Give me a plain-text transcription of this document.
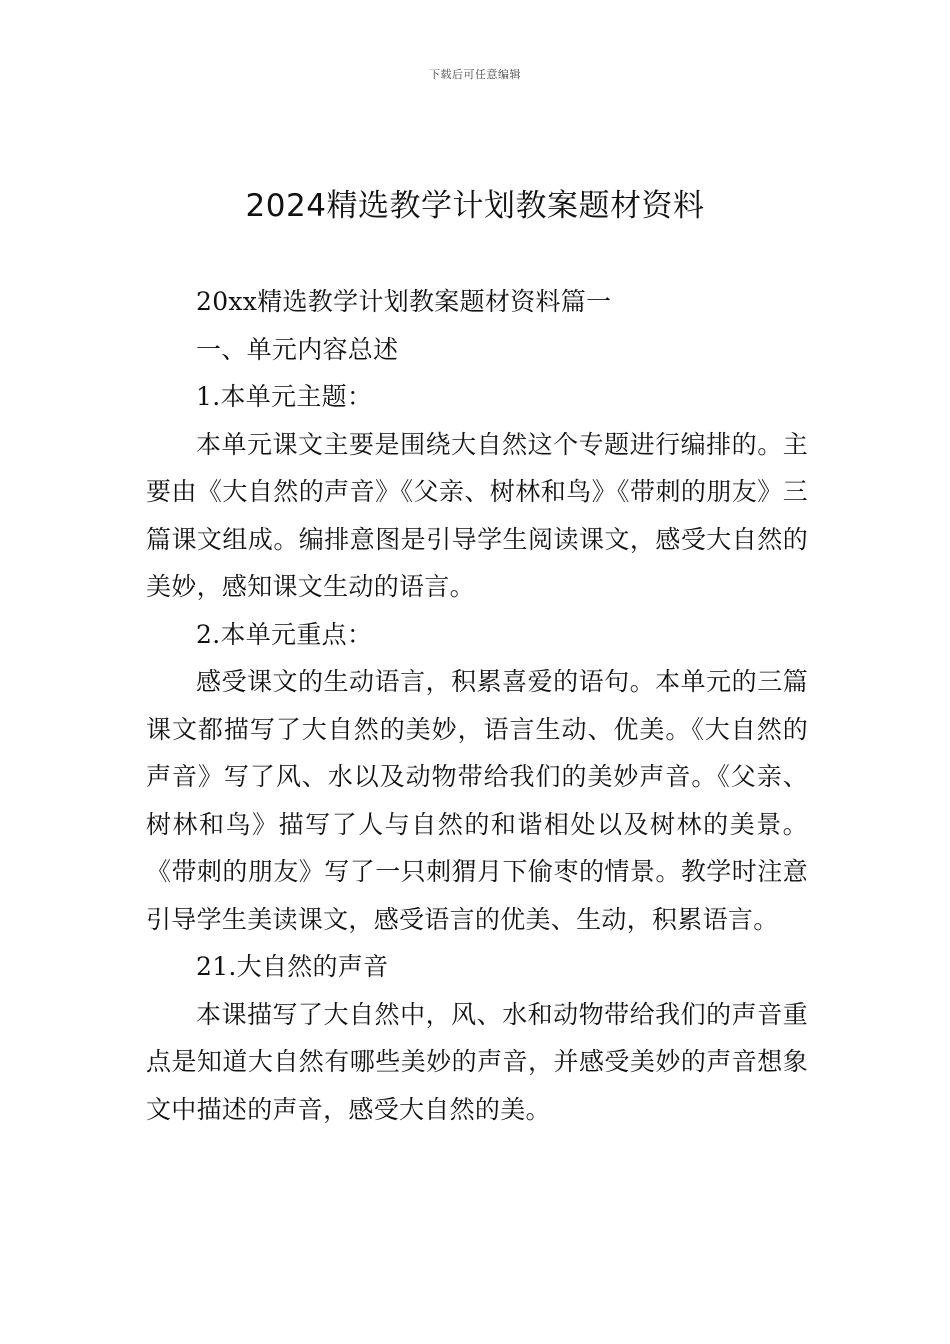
下载后可任意编辑
2024精选教学计划教案题材资料

20xx精选教学计划教案题材资料篇一

一、单元内容总述

1.本单元主题：

本单元课文主要是围绕大自然这个专题进行编排的。主要由《大自然的声音》《父亲、树林和鸟》《带刺的朋友》三篇课文组成。编排意图是引导学生阅读课文，感受大自然的美妙，感知课文生动的语言。

2.本单元重点：

感受课文的生动语言，积累喜爱的语句。本单元的三篇课文都描写了大自然的美妙，语言生动、优美。《大自然的声音》写了风、水以及动物带给我们的美妙声音。《父亲、树林和鸟》描写了人与自然的和谐相处以及树林的美景。《带刺的朋友》写了一只刺猬月下偷枣的情景。教学时注意引导学生美读课文，感受语言的优美、生动，积累语言。

21.大自然的声音

本课描写了大自然中，风、水和动物带给我们的声音重点是知道大自然有哪些美妙的声音，并感受美妙的声音想象文中描述的声音，感受大自然的美。
